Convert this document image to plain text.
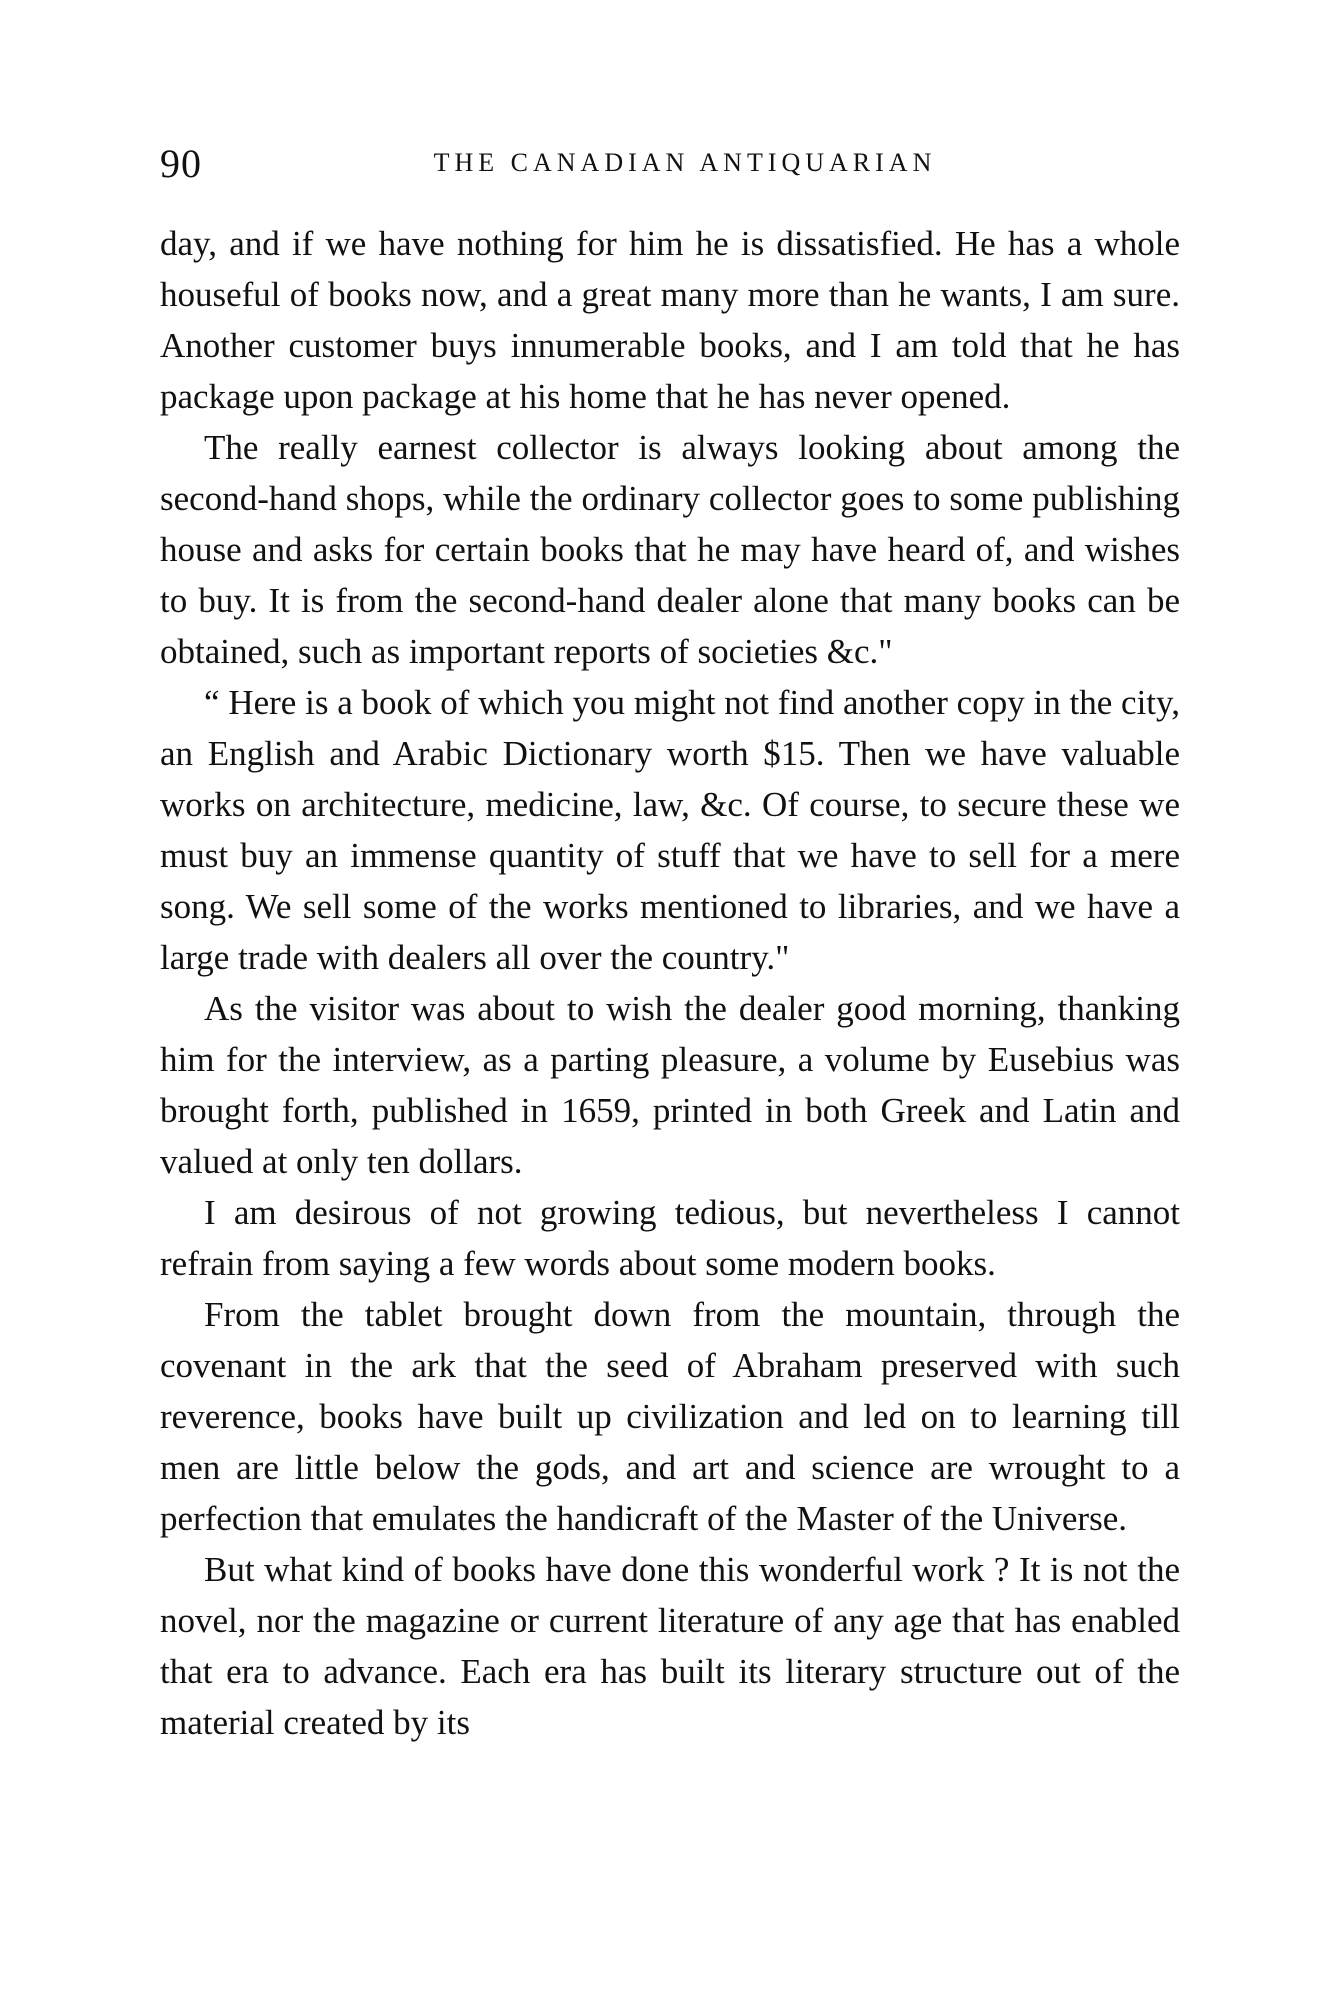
90	THE CANADIAN ANTIQUARIAN

day, and if we have nothing for him he is dissatisfied. He has a whole houseful of books now, and a great many more than he wants, I am sure. Another customer buys innumerable books, and I am told that he has package upon package at his home that he has never opened.

The really earnest collector is always looking about among the second-hand shops, while the ordinary collector goes to some publishing house and asks for certain books that he may have heard of, and wishes to buy. It is from the second-hand dealer alone that many books can be obtained, such as important reports of societies &c."

“ Here is a book of which you might not find another copy in the city, an English and Arabic Dictionary worth $15. Then we have valuable works on architecture, medicine, law, &c. Of course, to secure these we must buy an immense quantity of stuff that we have to sell for a mere song. We sell some of the works mentioned to libraries, and we have a large trade with dealers all over the country."

As the visitor was about to wish the dealer good morning, thanking him for the interview, as a parting pleasure, a volume by Eusebius was brought forth, published in 1659, printed in both Greek and Latin and valued at only ten dollars.

I am desirous of not growing tedious, but nevertheless I cannot refrain from saying a few words about some modern books.

From the tablet brought down from the mountain, through the covenant in the ark that the seed of Abraham preserved with such reverence, books have built up civilization and led on to learning till men are little below the gods, and art and science are wrought to a perfection that emulates the handicraft of the Master of the Universe.

But what kind of books have done this wonderful work ? It is not the novel, nor the magazine or current literature of any age that has enabled that era to advance. Each era has built its literary structure out of the material created by its
